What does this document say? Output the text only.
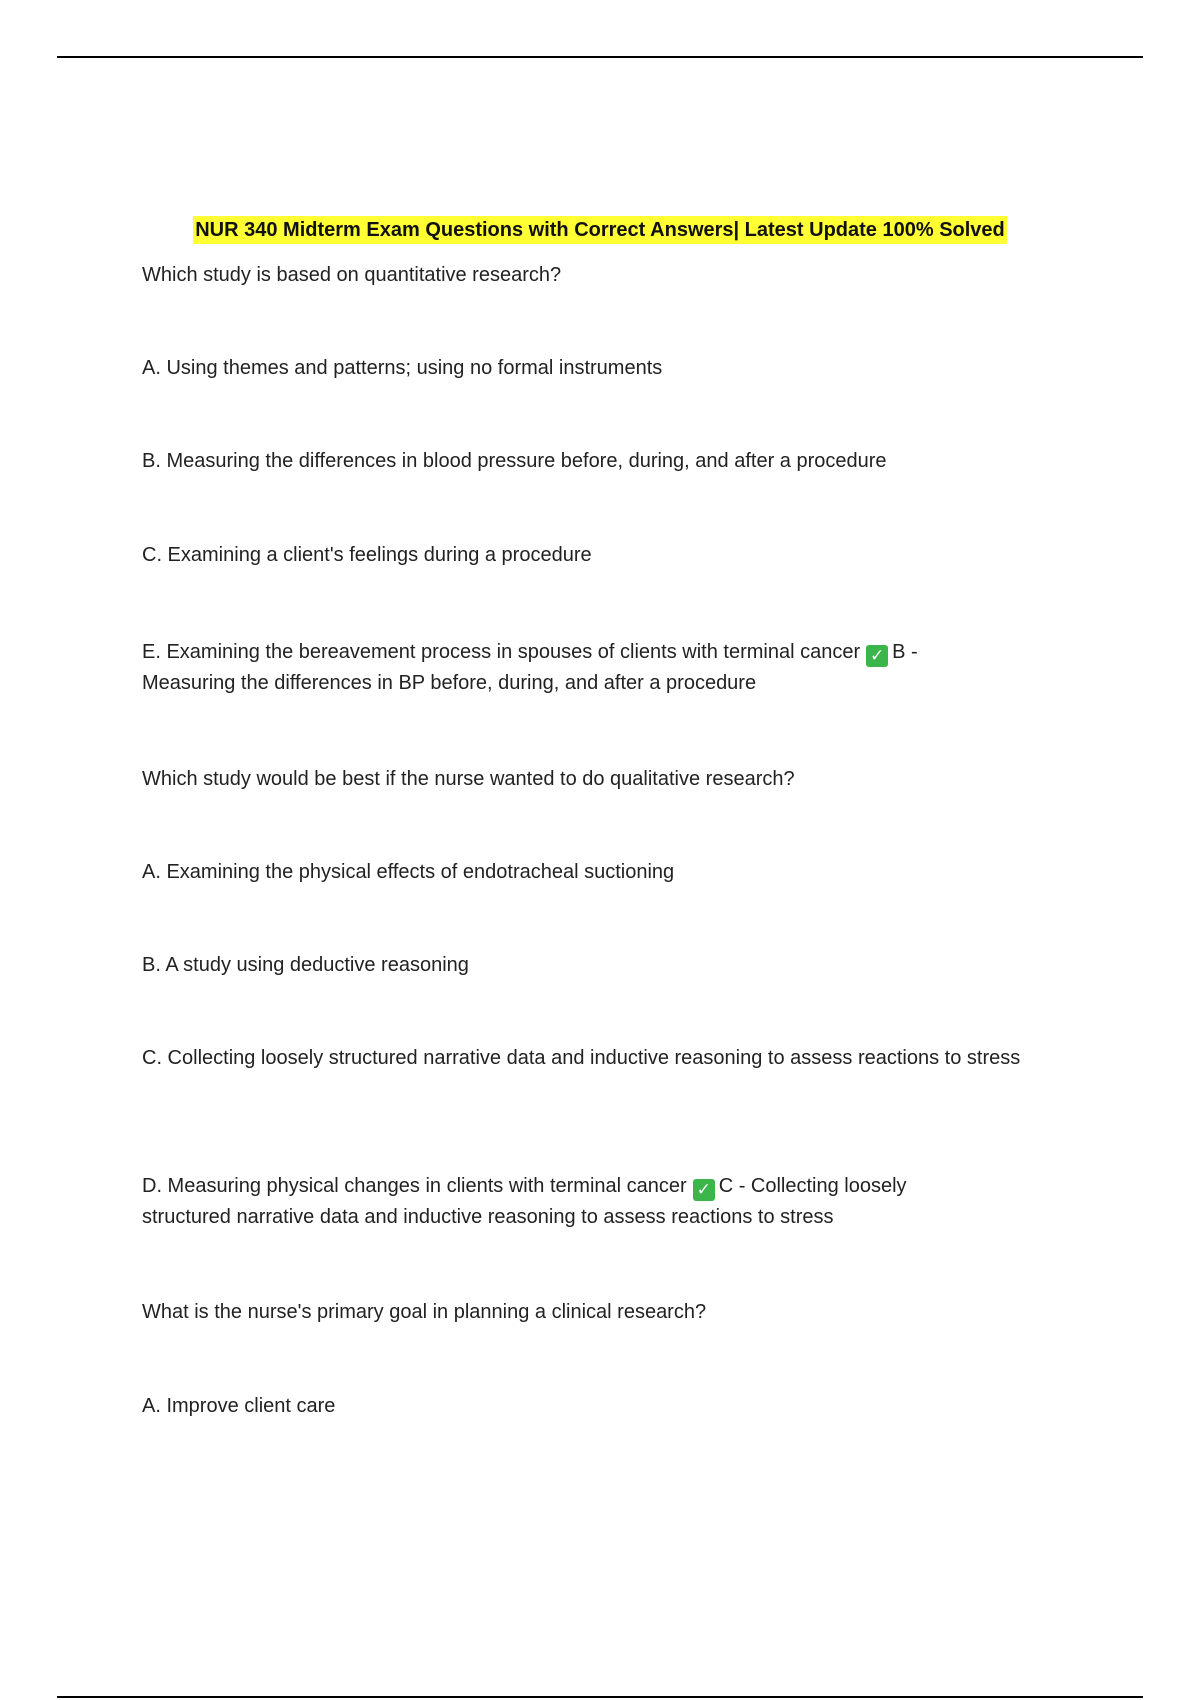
NUR 340 Midterm Exam Questions with Correct Answers| Latest Update 100% Solved
Which study is based on quantitative research?
A. Using themes and patterns; using no formal instruments
B. Measuring the differences in blood pressure before, during, and after a procedure
C. Examining a client's feelings during a procedure
E. Examining the bereavement process in spouses of clients with terminal cancer ✓ B -
Measuring the differences in BP before, during, and after a procedure
Which study would be best if the nurse wanted to do qualitative research?
A. Examining the physical effects of endotracheal suctioning
B. A study using deductive reasoning
C. Collecting loosely structured narrative data and inductive reasoning to assess reactions to stress
D. Measuring physical changes in clients with terminal cancer ✓ C - Collecting loosely
structured narrative data and inductive reasoning to assess reactions to stress
What is the nurse's primary goal in planning a clinical research?
A. Improve client care
